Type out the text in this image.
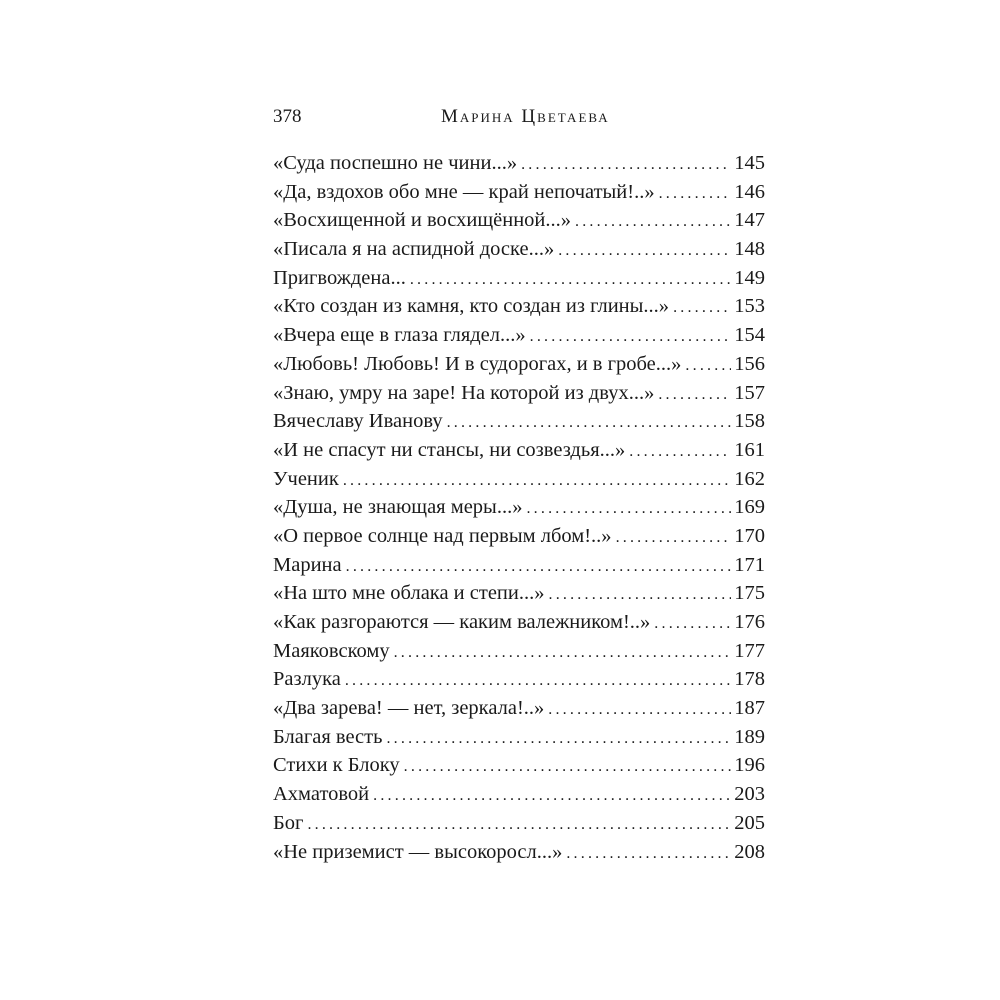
378	Марина Цветаева
«Суда поспешно не чини...» .....	145
«Да, вздохов обо мне — край непочатый!..» .....	146
«Восхищенной и восхищённой...» .....	147
«Писала я на аспидной доске...» .....	148
Пригвождена... .....	149
«Кто создан из камня, кто создан из глины...» .....	153
«Вчера еще в глаза глядел...» .....	154
«Любовь! Любовь! И в судорогах, и в гробе...» .....	156
«Знаю, умру на заре! На которой из двух...» .....	157
Вячеславу Иванову .....	158
«И не спасут ни стансы, ни созвездья...» .....	161
Ученик .....	162
«Душа, не знающая меры...» .....	169
«О первое солнце над первым лбом!..» .....	170
Марина .....	171
«На што мне облака и степи...» .....	175
«Как разгораются — каким валежником!..» .....	176
Маяковскому .....	177
Разлука .....	178
«Два зарева! — нет, зеркала!..» .....	187
Благая весть .....	189
Стихи к Блоку .....	196
Ахматовой .....	203
Бог .....	205
«Не приземист — высокоросл...» .....	208
